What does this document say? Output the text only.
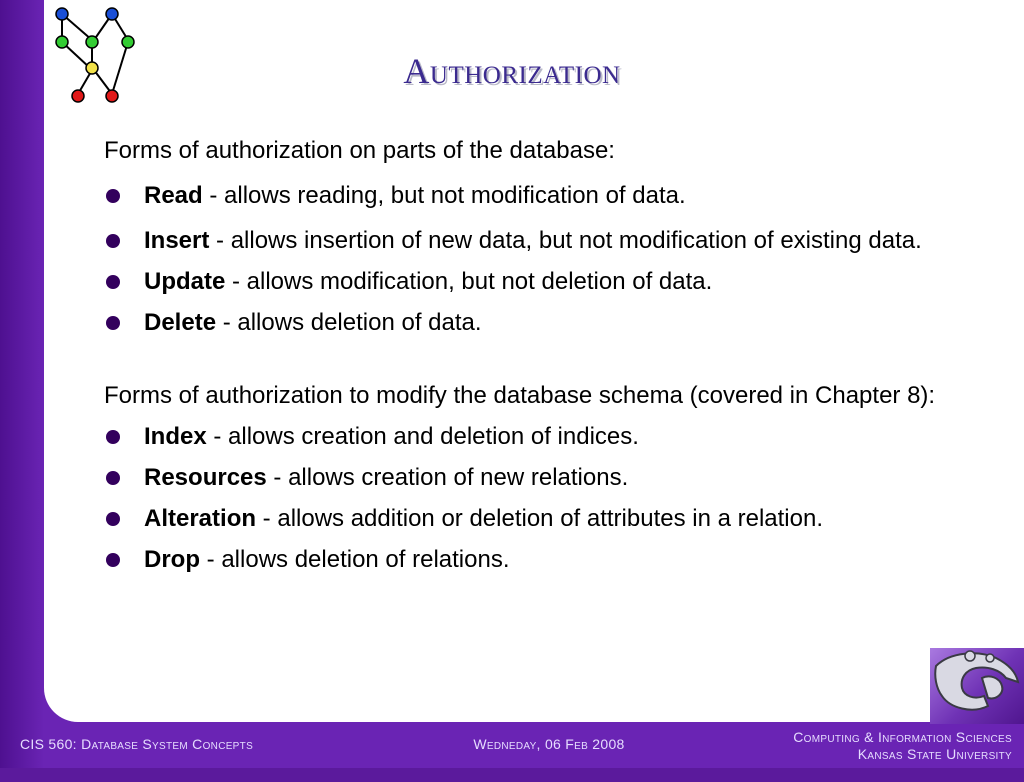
Authorization

Forms of authorization on parts of the database:

Read - allows reading, but not modification of data.
Insert - allows insertion of new data, but not modification of existing data.
Update - allows modification, but not deletion of data.
Delete - allows deletion of data.

Forms of authorization to modify the database schema (covered in Chapter 8):

Index - allows creation and deletion of indices.
Resources - allows creation of new relations.
Alteration - allows addition or deletion of attributes in a relation.
Drop - allows deletion of relations.
CIS 560: Database System Concepts	Wedneday, 06 Feb 2008	Computing & Information Sciences
Kansas State University
